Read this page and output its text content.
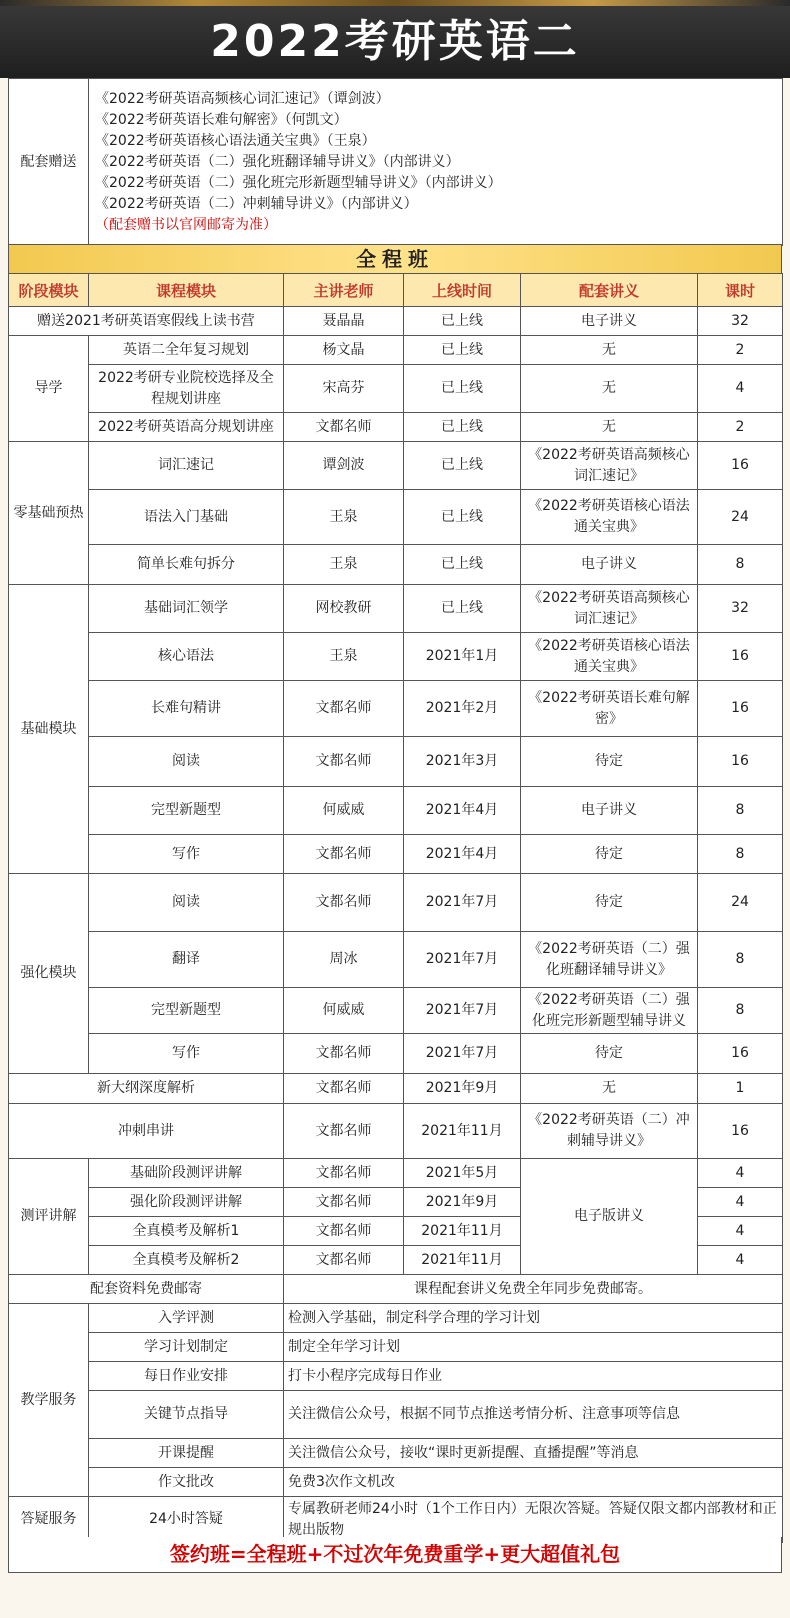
2022考研英语二
配套赠送	
《2022考研英语高频核心词汇速记》（谭剑波）
《2022考研英语长难句解密》（何凯文）
《2022考研英语核心语法通关宝典》（王泉）
《2022考研英语（二）强化班翻译辅导讲义》（内部讲义）
《2022考研英语（二）强化班完形新题型辅导讲义》（内部讲义）
《2022考研英语（二）冲刺辅导讲义》（内部讲义）
（配套赠书以官网邮寄为准）
全程班
阶段模块	课程模块	主讲老师	上线时间	配套讲义	课时
赠送2021考研英语寒假线上读书营		聂晶晶	已上线	电子讲义	32
导学	英语二全年复习规划	杨文晶	已上线	无	2
	2022考研专业院校选择及全程规划讲座	宋高芬	已上线	无	4
	2022考研英语高分规划讲座	文都名师	已上线	无	2
零基础预热	词汇速记	谭剑波	已上线	《2022考研英语高频核心词汇速记》	16
	语法入门基础	王泉	已上线	《2022考研英语核心语法通关宝典》	24
	简单长难句拆分	王泉	已上线	电子讲义	8
基础模块	基础词汇领学	网校教研	已上线	《2022考研英语高频核心词汇速记》	32
	核心语法	王泉	2021年1月	《2022考研英语核心语法通关宝典》	16
	长难句精讲	文都名师	2021年2月	《2022考研英语长难句解密》	16
	阅读	文都名师	2021年3月	待定	16
	完型新题型	何威威	2021年4月	电子讲义	8
	写作	文都名师	2021年4月	待定	8
强化模块	阅读	文都名师	2021年7月	待定	24
	翻译	周冰	2021年7月	《2022考研英语（二）强化班翻译辅导讲义》	8
	完型新题型	何威威	2021年7月	《2022考研英语（二）强化班完形新题型辅导讲义	8
	写作	文都名师	2021年7月	待定	16
新大纲深度解析		文都名师	2021年9月	无	1
冲刺串讲		文都名师	2021年11月	《2022考研英语（二）冲刺辅导讲义》	16
测评讲解	基础阶段测评讲解	文都名师	2021年5月	电子版讲义	4
	强化阶段测评讲解	文都名师	2021年9月		4
	全真模考及解析1	文都名师	2021年11月		4
	全真模考及解析2	文都名师	2021年11月		4
配套资料免费邮寄		课程配套讲义免费全年同步免费邮寄。			
教学服务	入学评测	检测入学基础，制定科学合理的学习计划			
	学习计划制定	制定全年学习计划			
	每日作业安排	打卡小程序完成每日作业			
	关键节点指导	关注微信公众号，根据不同节点推送考情分析、注意事项等信息			
	开课提醒	关注微信公众号，接收“课时更新提醒、直播提醒”等消息			
	作文批改	免费3次作文机改			
答疑服务	24小时答疑	专属教研老师24小时（1个工作日内）无限次答疑。答疑仅限文都内部教材和正规出版物			
签约班=全程班+不过次年免费重学+更大超值礼包
